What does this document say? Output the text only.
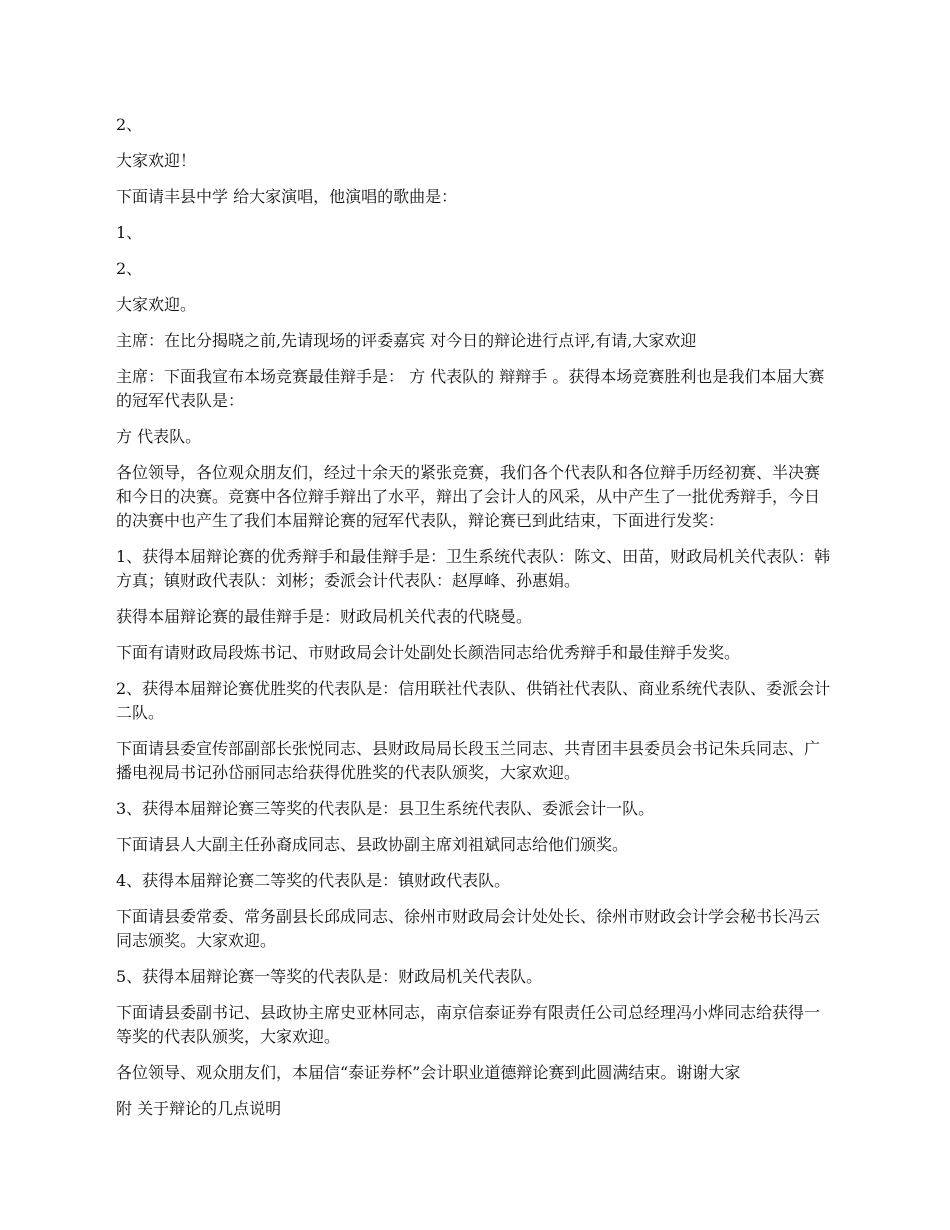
2、

大家欢迎！

下面请丰县中学 给大家演唱，他演唱的歌曲是：

1、

2、

大家欢迎。

主席：在比分揭晓之前,先请现场的评委嘉宾 对今日的辩论进行点评,有请,大家欢迎

主席：下面我宣布本场竞赛最佳辩手是： 方 代表队的 辩辩手 。获得本场竞赛胜利也是我们本届大赛的冠军代表队是：

方 代表队。

各位领导，各位观众朋友们，经过十余天的紧张竞赛，我们各个代表队和各位辩手历经初赛、半决赛和今日的决赛。竞赛中各位辩手辩出了水平，辩出了会计人的风采，从中产生了一批优秀辩手，今日的决赛中也产生了我们本届辩论赛的冠军代表队，辩论赛已到此结束，下面进行发奖：

1、获得本届辩论赛的优秀辩手和最佳辩手是：卫生系统代表队：陈文、田苗，财政局机关代表队：韩方真；镇财政代表队：刘彬；委派会计代表队：赵厚峰、孙惠娟。

获得本届辩论赛的最佳辩手是：财政局机关代表的代晓曼。

下面有请财政局段炼书记、市财政局会计处副处长颜浩同志给优秀辩手和最佳辩手发奖。

2、获得本届辩论赛优胜奖的代表队是：信用联社代表队、供销社代表队、商业系统代表队、委派会计二队。

下面请县委宣传部副部长张悦同志、县财政局局长段玉兰同志、共青团丰县委员会书记朱兵同志、广播电视局书记孙岱丽同志给获得优胜奖的代表队颁奖，大家欢迎。

3、获得本届辩论赛三等奖的代表队是：县卫生系统代表队、委派会计一队。

下面请县人大副主任孙裔成同志、县政协副主席刘祖斌同志给他们颁奖。

4、获得本届辩论赛二等奖的代表队是：镇财政代表队。

下面请县委常委、常务副县长邱成同志、徐州市财政局会计处处长、徐州市财政会计学会秘书长冯云同志颁奖。大家欢迎。

5、获得本届辩论赛一等奖的代表队是：财政局机关代表队。

下面请县委副书记、县政协主席史亚林同志，南京信泰证券有限责任公司总经理冯小烨同志给获得一等奖的代表队颁奖，大家欢迎。

各位领导、观众朋友们，本届信“泰证券杯”会计职业道德辩论赛到此圆满结束。谢谢大家

附 关于辩论的几点说明
